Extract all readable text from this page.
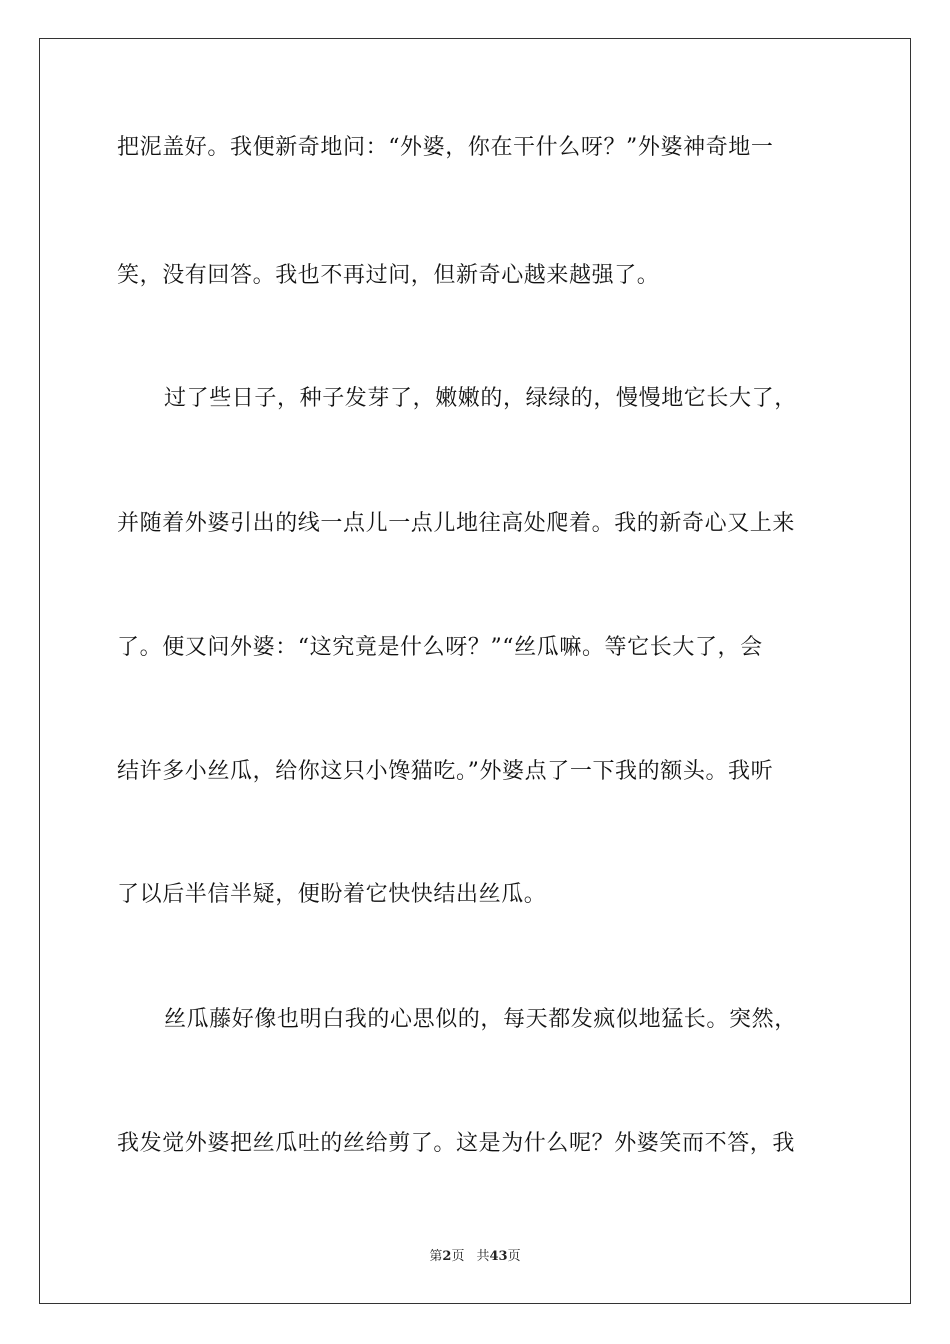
把泥盖好。我便新奇地问：“外婆，你在干什么呀？”外婆神奇地一
笑，没有回答。我也不再过问，但新奇心越来越强了。
过了些日子，种子发芽了，嫩嫩的，绿绿的，慢慢地它长大了，
并随着外婆引出的线一点儿一点儿地往高处爬着。我的新奇心又上来
了。便又问外婆：“这究竟是什么呀？”“丝瓜嘛。等它长大了，会
结许多小丝瓜，给你这只小馋猫吃。”外婆点了一下我的额头。我听
了以后半信半疑，便盼着它快快结出丝瓜。
丝瓜藤好像也明白我的心思似的，每天都发疯似地猛长。突然，
我发觉外婆把丝瓜吐的丝给剪了。这是为什么呢？外婆笑而不答，我
第2页 共43页
